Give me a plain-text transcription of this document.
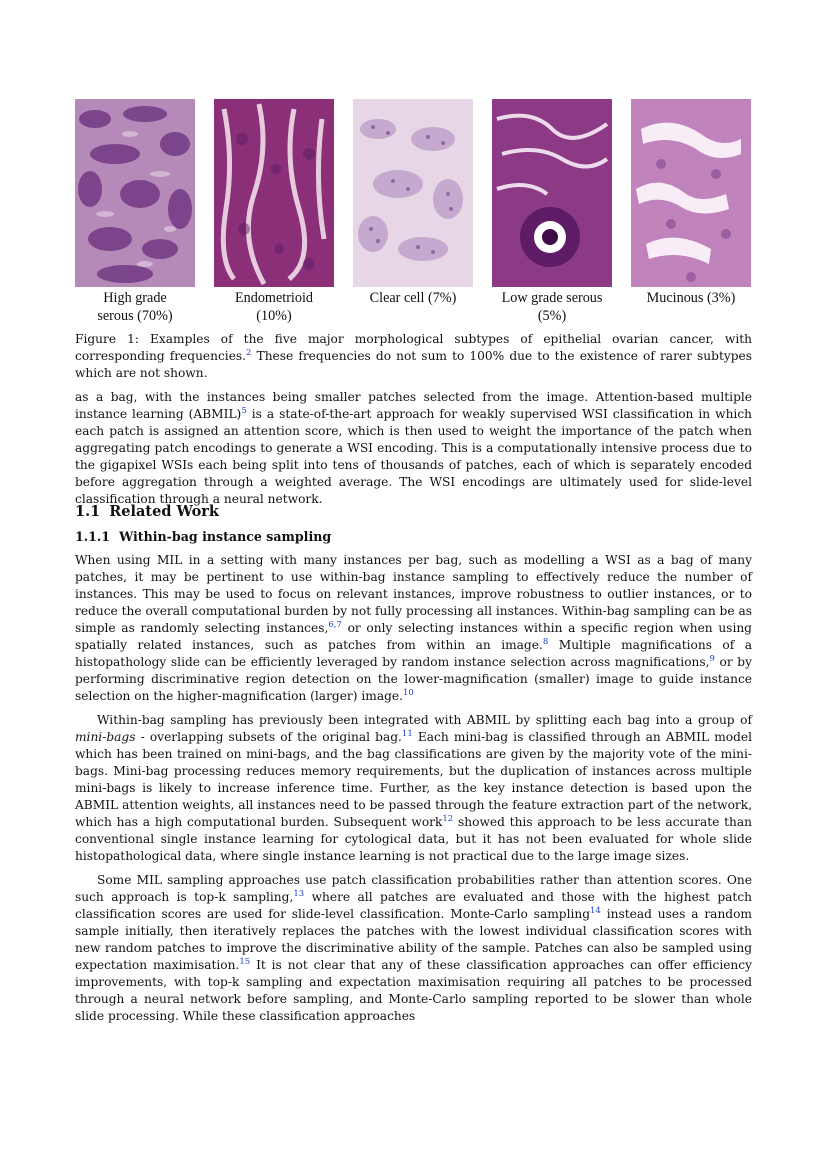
High grade
serous (70%)
Endometrioid
(10%)
Clear cell (7%)	Low grade serous
(5%)
Mucinous (3%)
Figure 1: Examples of the five major morphological subtypes of epithelial ovarian cancer, with corresponding frequencies.$^2$ These frequencies do not sum to 100% due to the existence of rarer subtypes which are not shown.

as a bag, with the instances being smaller patches selected from the image. Attention-based multiple instance learning (ABMIL)$^5$ is a state-of-the-art approach for weakly supervised WSI classification in which each patch is assigned an attention score, which is then used to weight the importance of the patch when aggregating patch encodings to generate a WSI encoding. This is a computationally intensive process due to the gigapixel WSIs each being split into tens of thousands of patches, each of which is separately encoded before aggregation through a weighted average. The WSI encodings are ultimately used for slide-level classification through a neural network.

1.1 Related Work
1.1.1 Within-bag instance sampling

When using MIL in a setting with many instances per bag, such as modelling a WSI as a bag of many patches, it may be pertinent to use within-bag instance sampling to effectively reduce the number of instances. This may be used to focus on relevant instances, improve robustness to outlier instances, or to reduce the overall computational burden by not fully processing all instances. Within-bag sampling can be as simple as randomly selecting instances,$^{6,7}$ or only selecting instances within a specific region when using spatially related instances, such as patches from within an image.$^8$ Multiple magnifications of a histopathology slide can be efficiently leveraged by random instance selection across magnifications,$^9$ or by performing discriminative region detection on the lower-magnification (smaller) image to guide instance selection on the higher-magnification (larger) image.$^{10}$

Within-bag sampling has previously been integrated with ABMIL by splitting each bag into a group of mini-bags - overlapping subsets of the original bag.$^{11}$ Each mini-bag is classified through an ABMIL model which has been trained on mini-bags, and the bag classifications are given by the majority vote of the mini-bags. Mini-bag processing reduces memory requirements, but the duplication of instances across multiple mini-bags is likely to increase inference time. Further, as the key instance detection is based upon the ABMIL attention weights, all instances need to be passed through the feature extraction part of the network, which has a high computational burden. Subsequent work$^{12}$ showed this approach to be less accurate than conventional single instance learning for cytological data, but it has not been evaluated for whole slide histopathological data, where single instance learning is not practical due to the large image sizes.

Some MIL sampling approaches use patch classification probabilities rather than attention scores. One such approach is top-k sampling,$^{13}$ where all patches are evaluated and those with the highest patch classification scores are used for slide-level classification. Monte-Carlo sampling$^{14}$ instead uses a random sample initially, then iteratively replaces the patches with the lowest individual classification scores with new random patches to improve the discriminative ability of the sample. Patches can also be sampled using expectation maximisation.$^{15}$ It is not clear that any of these classification approaches can offer efficiency improvements, with top-k sampling and expectation maximisation requiring all patches to be processed through a neural network before sampling, and Monte-Carlo sampling reported to be slower than whole slide processing. While these classification approaches
